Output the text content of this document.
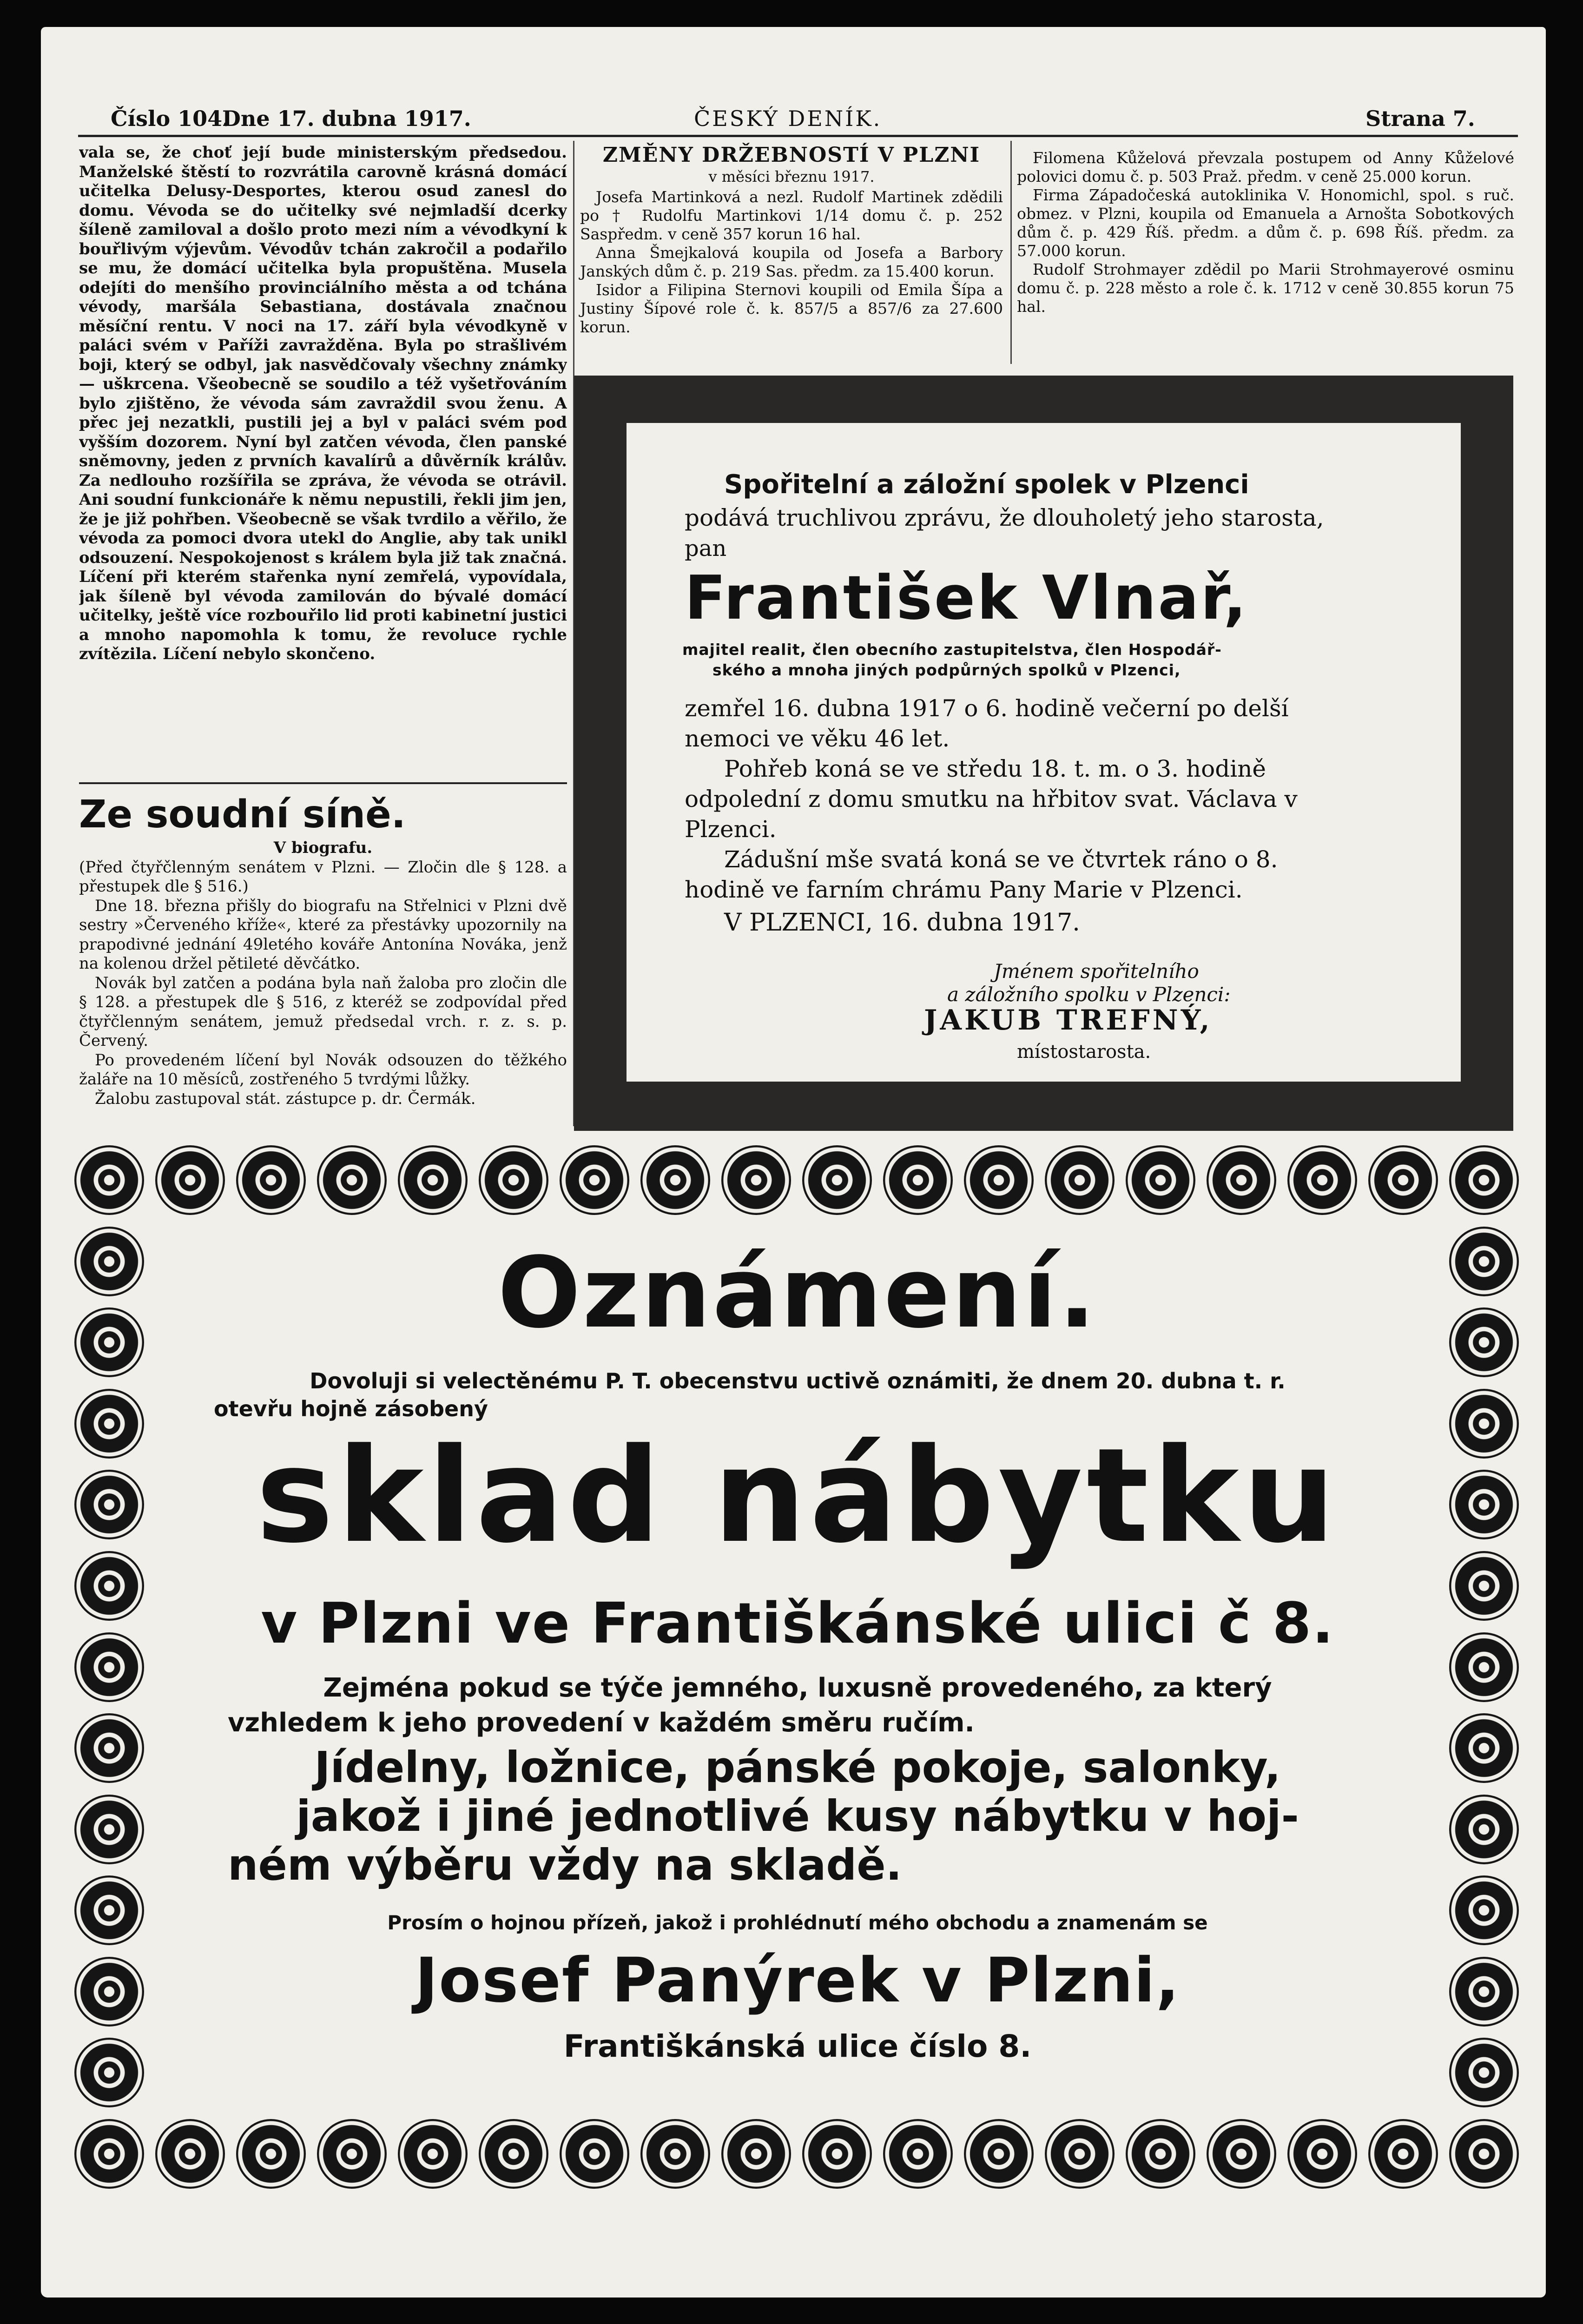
Číslo 104.
Dne 17. dubna 1917.	ČESKÝ DENÍK.	Strana 7.

vala se, že choť její bude ministerským předsedou. Manželské štěstí to rozvrátila carovně krásná domácí učitelka Delusy-Desportes, kterou osud zanesl do domu. Vévoda se do učitelky své nejmladší dcerky šíleně zamiloval a došlo proto mezi ním a vévodkyní k bouřlivým výjevům. Vévodův tchán zakročil a podařilo se mu, že domácí učitelka byla propuštěna. Musela odejíti do menšího provinciálního města a od tchána vévody, maršála Sebastiana, dostávala značnou měsíční rentu. V noci na 17. září byla vévodkyně v paláci svém v Paříži zavražděna. Byla po strašlivém boji, který se odbyl, jak nasvědčovaly všechny známky — uškrcena. Všeobecně se soudilo a též vyšetřováním bylo zjištěno, že vévoda sám zavraždil svou ženu. A přec jej nezatkli, pustili jej a byl v paláci svém pod vyšším dozorem. Nyní byl zatčen vévoda, člen panské sněmovny, jeden z prvních kavalírů a důvěrník králův. Za nedlouho rozšířila se zpráva, že vévoda se otrávil. Ani soudní funkcionáře k němu nepustili, řekli jim jen, že je již pohřben. Všeobecně se však tvrdilo a věřilo, že vévoda za pomoci dvora utekl do Anglie, aby tak unikl odsouzení. Nespokojenost s králem byla již tak značná. Líčení při kterém stařenka nyní zemřelá, vypovídala, jak šíleně byl vévoda zamilován do bývalé domácí učitelky, ještě více rozbouřilo lid proti kabinetní justici a mnoho napomohla k tomu, že revoluce rychle zvítězila. Líčení nebylo skončeno.

Ze soudní síně.
V biografu.

(Před čtyřčlenným senátem v Plzni. — Zločin dle § 128. a přestupek dle § 516.)

Dne 18. března přišly do biografu na Střelnici v Plzni dvě sestry »Červeného kříže«, které za přestávky upozornily na prapodivné jednání 49letého kováře Antonína Nováka, jenž na kolenou držel pětileté děvčátko.

Novák byl zatčen a podána byla naň žaloba pro zločin dle § 128. a přestupek dle § 516, z kteréž se zodpovídal před čtyřčlenným senátem, jemuž předsedal vrch. r. z. s. p. Červený.

Po provedeném líčení byl Novák odsouzen do těžkého žaláře na 10 měsíců, zostřeného 5 tvrdými lůžky.

Žalobu zastupoval stát. zástupce p. dr. Čermák.

ZMĚNY DRŽEBNOSTÍ V PLZNI
v měsíci březnu 1917.

Josefa Martinková a nezl. Rudolf Martinek zdědili po † Rudolfu Martinkovi 1/14 domu č. p. 252 Saspředm. v ceně 357 korun 16 hal.

Anna Šmejkalová koupila od Josefa a Barbory Janských dům č. p. 219 Sas. předm. za 15.400 korun.

Isidor a Filipina Sternovi koupili od Emila Šípa a Justiny Šípové role č. k. 857/5 a 857/6 za 27.600 korun.

Filomena Kůželová převzala postupem od Anny Kůželové polovici domu č. p. 503 Praž. předm. v ceně 25.000 korun.

Firma Západočeská autoklinika V. Honomichl, spol. s ruč. obmez. v Plzni, koupila od Emanuela a Arnošta Sobotkových dům č. p. 429 Říš. předm. a dům č. p. 698 Říš. předm. za 57.000 korun.

Rudolf Strohmayer zdědil po Marii Strohmayerové osminu domu č. p. 228 město a role č. k. 1712 v ceně 30.855 korun 75 hal.

Spořitelní a záložní spolek v Plzenci
podává truchlivou zprávu, že dlouholetý jeho starosta,
pan
František Vlnař,
majitel realit, člen obecního zastupitelstva, člen Hospodář-
ského a mnoha jiných podpůrných spolků v Plzenci,
zemřel 16. dubna 1917 o 6. hodině večerní po delší
nemoci ve věku 46 let.
Pohřeb koná se ve středu 18. t. m. o 3. hodině
odpolední z domu smutku na hřbitov svat. Václava v
Plzenci.
Zádušní mše svatá koná se ve čtvrtek ráno o 8.
hodině ve farním chrámu Pany Marie v Plzenci.
V PLZENCI, 16. dubna 1917.
Jménem spořitelního
a záložního spolku v Plzenci:
JAKUB TREFNÝ,
místostarosta.
Oznámení.
Dovoluji si velectěnému P. T. obecenstvu uctivě oznámiti, že dnem 20. dubna t. r.
otevřu hojně zásobený
sklad nábytku
v Plzni ve Františkánské ulici č 8.
Zejména pokud se týče jemného, luxusně provedeného, za který
vzhledem k jeho provedení v každém směru ručím.
Jídelny, ložnice, pánské pokoje, salonky,
jakož i jiné jednotlivé kusy nábytku v hoj-
ném výběru vždy na skladě.
Prosím o hojnou přízeň, jakož i prohlédnutí mého obchodu a znamenám se
Josef Panýrek v Plzni,
Františkánská ulice číslo 8.
